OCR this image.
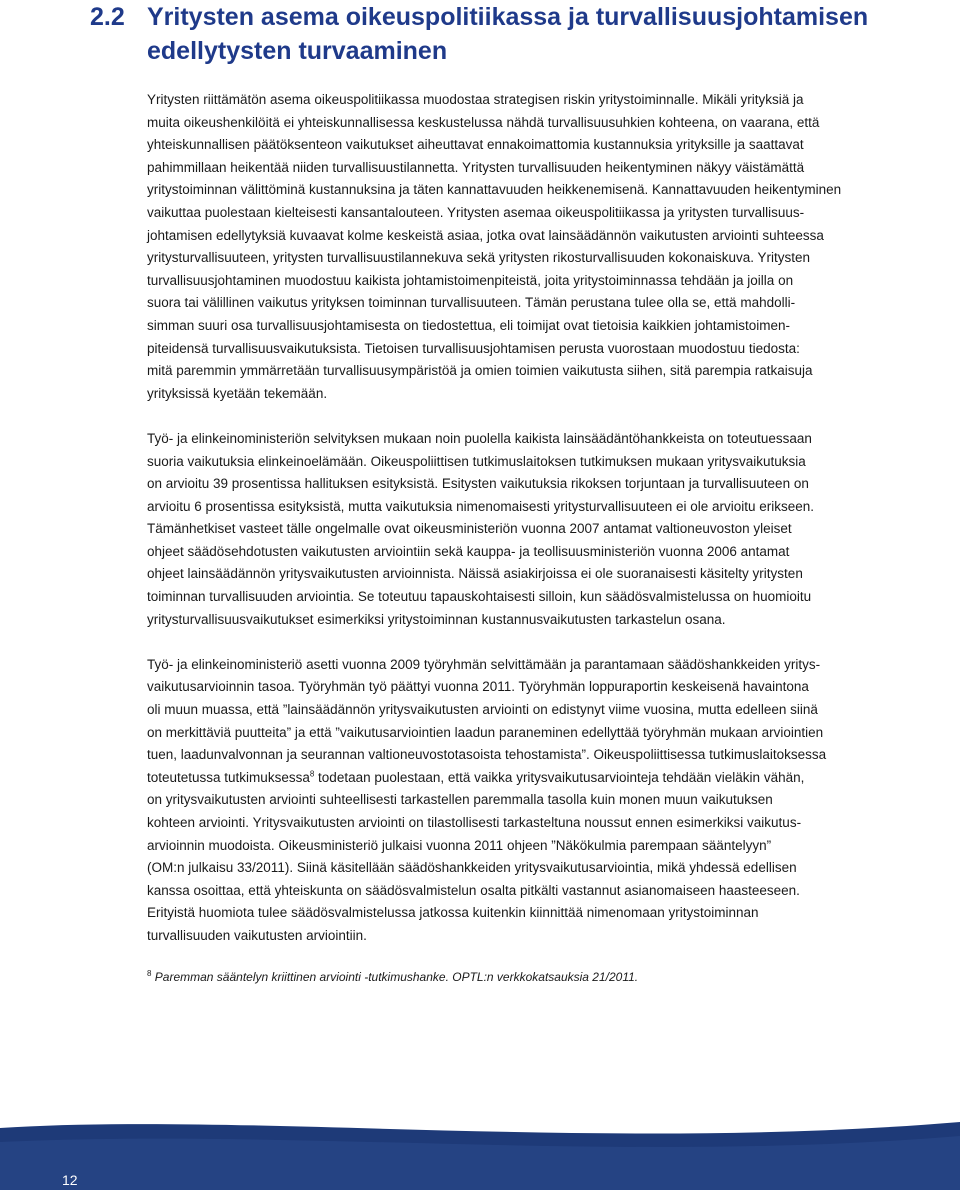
2.2 Yritysten asema oikeuspolitiikassa ja turvallisuusjohtamisen edellytysten turvaaminen
Yritysten riittämätön asema oikeuspolitiikassa muodostaa strategisen riskin yritystoiminnalle. Mikäli yrityksiä ja
muita oikeushenkilöitä ei yhteiskunnallisessa keskustelussa nähdä turvallisuusuhkien kohteena, on vaarana, että
yhteiskunnallisen päätöksenteon vaikutukset aiheuttavat ennakoimattomia kustannuksia yrityksille ja saattavat
pahimmillaan heikentää niiden turvallisuustilannetta. Yritysten turvallisuuden heikentyminen näkyy väistämättä
yritystoiminnan välittöminä kustannuksina ja täten kannattavuuden heikkenemisenä. Kannattavuuden heikentyminen
vaikuttaa puolestaan kielteisesti kansantalouteen. Yritysten asemaa oikeuspolitiikassa ja yritysten turvallisuus-
johtamisen edellytyksiä kuvaavat kolme keskeistä asiaa, jotka ovat lainsäädännön vaikutusten arviointi suhteessa
yritysturvallisuuteen, yritysten turvallisuustilannekuva sekä yritysten rikosturvallisuuden kokonaiskuva. Yritysten
turvallisuusjohtaminen muodostuu kaikista johtamistoimenpiteistä, joita yritystoiminnassa tehdään ja joilla on
suora tai välillinen vaikutus yrityksen toiminnan turvallisuuteen. Tämän perustana tulee olla se, että mahdolli-
simman suuri osa turvallisuusjohtamisesta on tiedostettua, eli toimijat ovat tietoisia kaikkien johtamistoimen-
piteidensä turvallisuusvaikutuksista. Tietoisen turvallisuusjohtamisen perusta vuorostaan muodostuu tiedosta:
mitä paremmin ymmärretään turvallisuusympäristöä ja omien toimien vaikutusta siihen, sitä parempia ratkaisuja
yrityksissä kyetään tekemään.
Työ- ja elinkeinoministeriön selvityksen mukaan noin puolella kaikista lainsäädäntöhankkeista on toteutuessaan
suoria vaikutuksia elinkeinoelämään. Oikeuspoliittisen tutkimuslaitoksen tutkimuksen mukaan yritysvaikutuksia
on arvioitu 39 prosentissa hallituksen esityksistä. Esitysten vaikutuksia rikoksen torjuntaan ja turvallisuuteen on
arvioitu 6 prosentissa esityksistä, mutta vaikutuksia nimenomaisesti yritysturvallisuuteen ei ole arvioitu erikseen.
Tämänhetkiset vasteet tälle ongelmalle ovat oikeusministeriön vuonna 2007 antamat valtioneuvoston yleiset
ohjeet säädösehdotusten vaikutusten arviointiin sekä kauppa- ja teollisuusministeriön vuonna 2006 antamat
ohjeet lainsäädännön yritysvaikutusten arvioinnista. Näissä asiakirjoissa ei ole suoranaisesti käsitelty yritysten
toiminnan turvallisuuden arviointia. Se toteutuu tapauskohtaisesti silloin, kun säädösvalmistelussa on huomioitu
yritysturvallisuusvaikutukset esimerkiksi yritystoiminnan kustannusvaikutusten tarkastelun osana.
Työ- ja elinkeinoministeriö asetti vuonna 2009 työryhmän selvittämään ja parantamaan säädöshankkeiden yritys-
vaikutusarvioinnin tasoa. Työryhmän työ päättyi vuonna 2011. Työryhmän loppuraportin keskeisenä havaintona
oli muun muassa, että ”lainsäädännön yritysvaikutusten arviointi on edistynyt viime vuosina, mutta edelleen siinä
on merkittäviä puutteita” ja että ”vaikutusarviointien laadun paraneminen edellyttää työryhmän mukaan arviointien
tuen, laadunvalvonnan ja seurannan valtioneuvostotasoista tehostamista”. Oikeuspoliittisessa tutkimuslaitoksessa
toteutetussa tutkimuksessa$^8$ todetaan puolestaan, että vaikka yritysvaikutusarviointeja tehdään vieläkin vähän,
on yritysvaikutusten arviointi suhteellisesti tarkastellen paremmalla tasolla kuin monen muun vaikutuksen
kohteen arviointi. Yritysvaikutusten arviointi on tilastollisesti tarkasteltuna noussut ennen esimerkiksi vaikutus-
arvioinnin muodoista. Oikeusministeriö julkaisi vuonna 2011 ohjeen ”Näkökulmia parempaan sääntelyyn”
(OM:n julkaisu 33/2011). Siinä käsitellään säädöshankkeiden yritysvaikutusarviointia, mikä yhdessä edellisen
kanssa osoittaa, että yhteiskunta on säädösvalmistelun osalta pitkälti vastannut asianomaiseen haasteeseen.
Erityistä huomiota tulee säädösvalmistelussa jatkossa kuitenkin kiinnittää nimenomaan yritystoiminnan
turvallisuuden vaikutusten arviointiin.
$^8$ Paremman sääntelyn kriittinen arviointi -tutkimushanke. OPTL:n verkkokatsauksia 21/2011.
12
